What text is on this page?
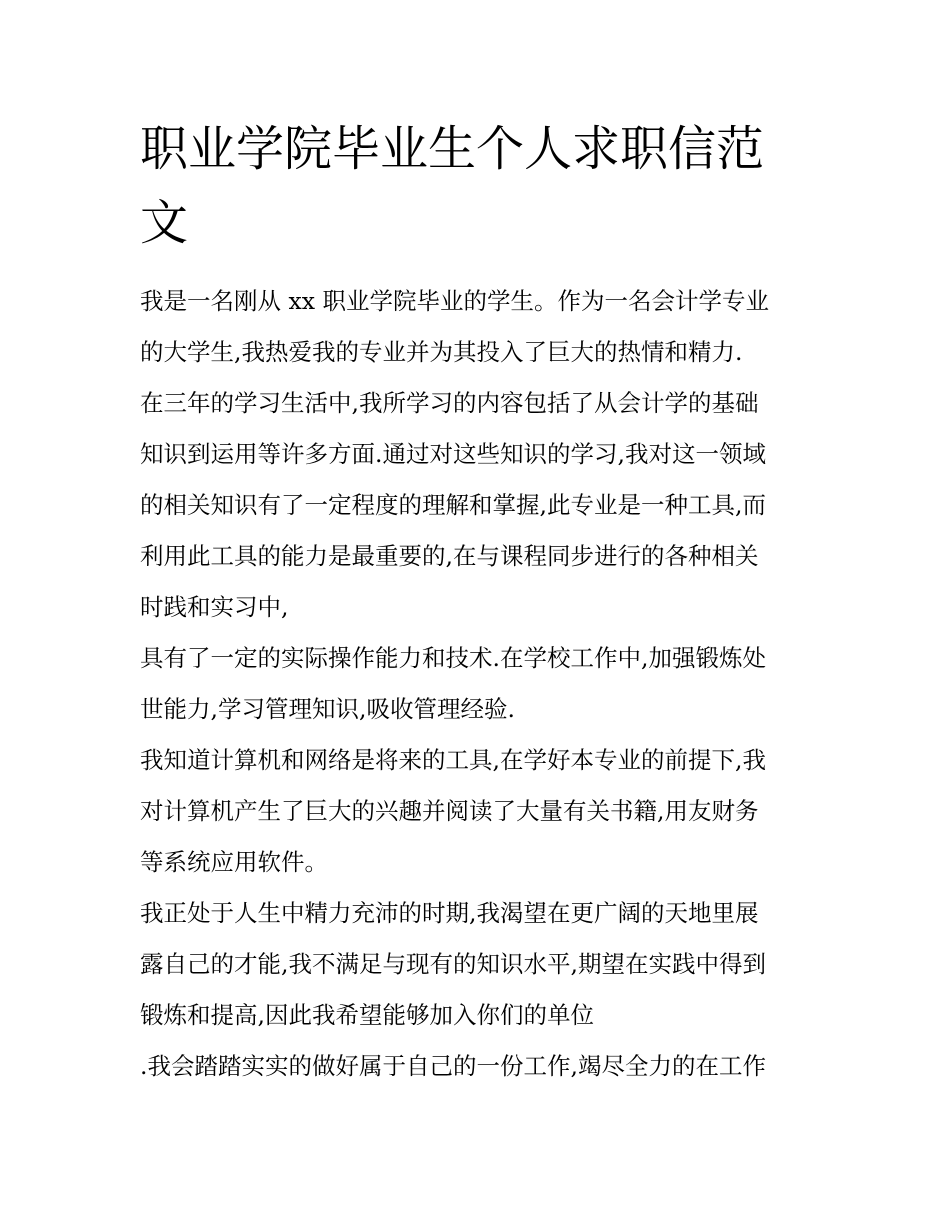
职业学院毕业生个人求职信范
文
我是一名刚从 xx 职业学院毕业的学生。作为一名会计学专业
的大学生,我热爱我的专业并为其投入了巨大的热情和精力.
在三年的学习生活中,我所学习的内容包括了从会计学的基础
知识到运用等许多方面.通过对这些知识的学习,我对这一领域
的相关知识有了一定程度的理解和掌握,此专业是一种工具,而
利用此工具的能力是最重要的,在与课程同步进行的各种相关
时践和实习中,
具有了一定的实际操作能力和技术.在学校工作中,加强锻炼处
世能力,学习管理知识,吸收管理经验.
我知道计算机和网络是将来的工具,在学好本专业的前提下,我
对计算机产生了巨大的兴趣并阅读了大量有关书籍,用友财务
等系统应用软件。
我正处于人生中精力充沛的时期,我渴望在更广阔的天地里展
露自己的才能,我不满足与现有的知识水平,期望在实践中得到
锻炼和提高,因此我希望能够加入你们的单位
.我会踏踏实实的做好属于自己的一份工作,竭尽全力的在工作
